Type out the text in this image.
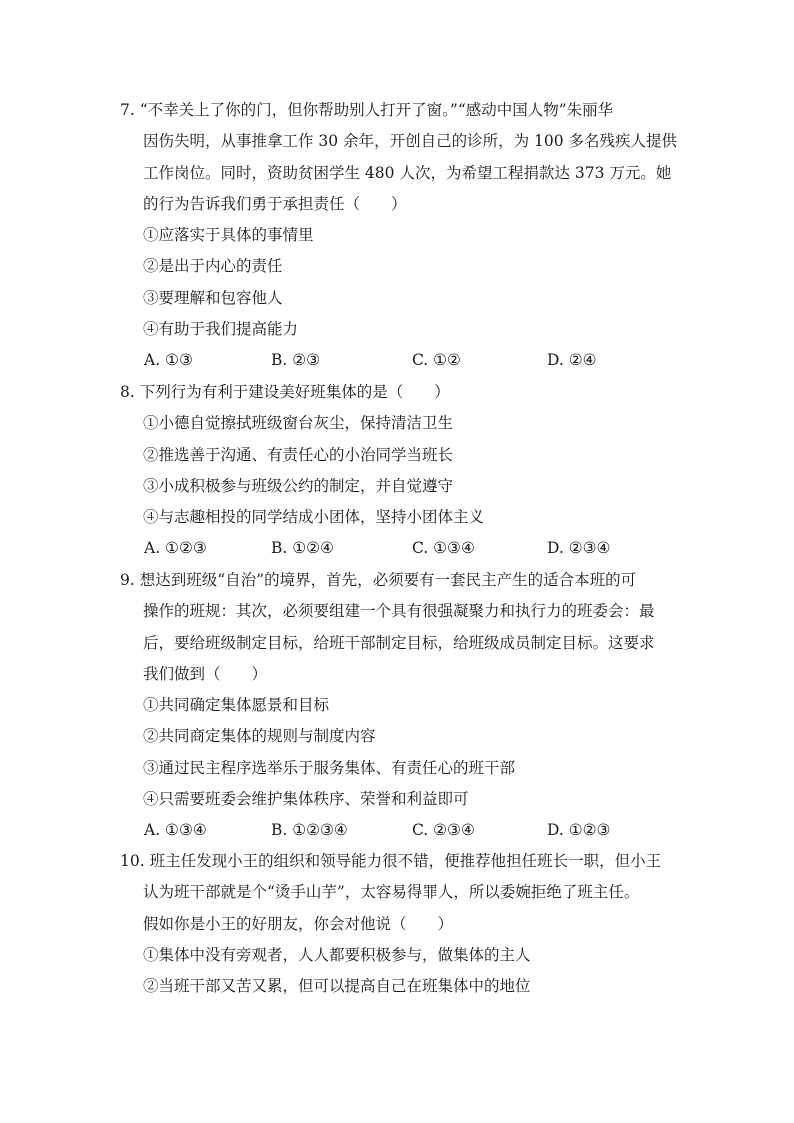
7. “不幸关上了你的门，但你帮助别人打开了窗。”“感动中国人物”朱丽华
因伤失明，从事推拿工作 30 余年，开创自己的诊所，为 100 多名残疾人提供
工作岗位。同时，资助贫困学生 480 人次，为希望工程捐款达 373 万元。她
的行为告诉我们勇于承担责任（　　）
①应落实于具体的事情里
②是出于内心的责任
③要理解和包容他人
④有助于我们提高能力
A. ①③	B. ②③	C. ①②	D. ②④
8. 下列行为有利于建设美好班集体的是（　　）
①小德自觉擦拭班级窗台灰尘，保持清洁卫生
②推选善于沟通、有责任心的小治同学当班长
③小成积极参与班级公约的制定，并自觉遵守
④与志趣相投的同学结成小团体，坚持小团体主义
A. ①②③	B. ①②④	C. ①③④	D. ②③④
9. 想达到班级“自治”的境界，首先，必须要有一套民主产生的适合本班的可
操作的班规：其次，必须要组建一个具有很强凝聚力和执行力的班委会：最
后，要给班级制定目标，给班干部制定目标，给班级成员制定目标。这要求
我们做到（　　）
①共同确定集体愿景和目标
②共同商定集体的规则与制度内容
③通过民主程序选举乐于服务集体、有责任心的班干部
④只需要班委会维护集体秩序、荣誉和利益即可
A. ①③④	B. ①②③④	C. ②③④	D. ①②③
10. 班主任发现小王的组织和领导能力很不错，便推荐他担任班长一职，但小王
认为班干部就是个“烫手山芋”，太容易得罪人，所以委婉拒绝了班主任。
假如你是小王的好朋友，你会对他说（　　）
①集体中没有旁观者，人人都要积极参与，做集体的主人
②当班干部又苦又累，但可以提高自己在班集体中的地位
